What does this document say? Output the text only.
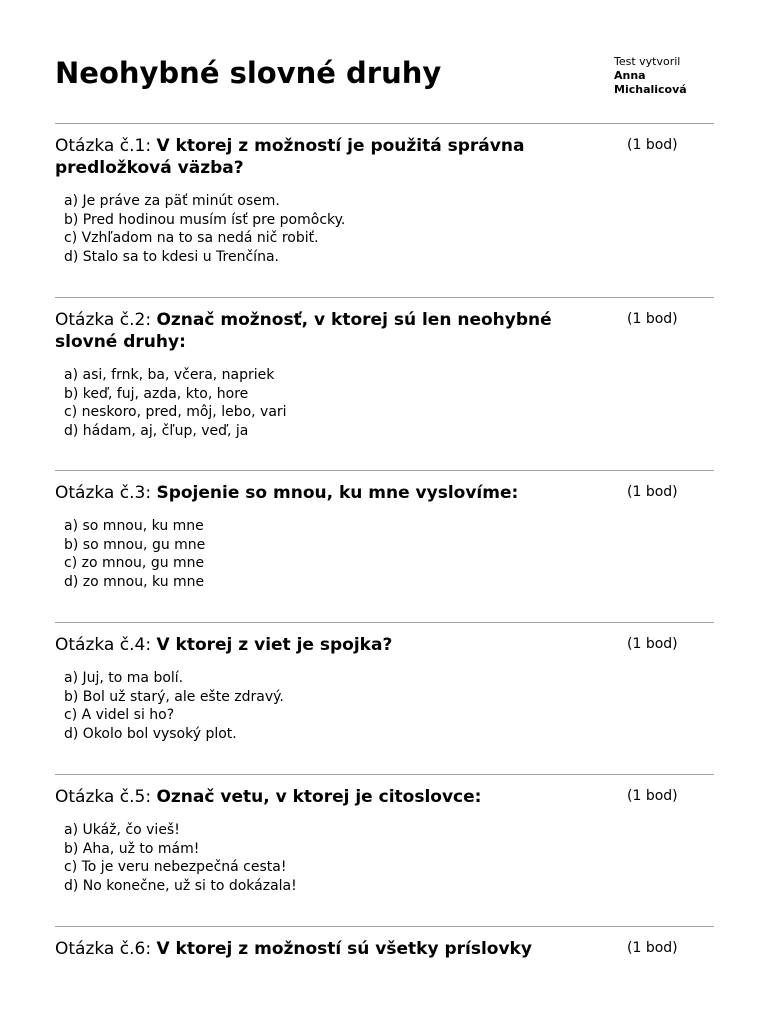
Neohybné slovné druhy	Test vytvoril
Anna
Michalicová
Otázka č.1: V ktorej z možností je použitá správna predložková väzba?
(1 bod)
a) Je práve za päť minút osem.
b) Pred hodinou musím ísť pre pomôcky.
c) Vzhľadom na to sa nedá nič robiť.
d) Stalo sa to kdesi u Trenčína.
Otázka č.2: Označ možnosť, v ktorej sú len neohybné slovné druhy:
(1 bod)
a) asi, frnk, ba, včera, napriek
b) keď, fuj, azda, kto, hore
c) neskoro, pred, môj, lebo, vari
d) hádam, aj, čľup, veď, ja
Otázka č.3: Spojenie so mnou, ku mne vyslovíme:	(1 bod)
a) so mnou, ku mne
b) so mnou, gu mne
c) zo mnou, gu mne
d) zo mnou, ku mne
Otázka č.4: V ktorej z viet je spojka?	(1 bod)
a) Juj, to ma bolí.
b) Bol už starý, ale ešte zdravý.
c) A videl si ho?
d) Okolo bol vysoký plot.
Otázka č.5: Označ vetu, v ktorej je citoslovce:	(1 bod)
a) Ukáž, čo vieš!
b) Aha, už to mám!
c) To je veru nebezpečná cesta!
d) No konečne, už si to dokázala!
Otázka č.6: V ktorej z možností sú všetky príslovky	(1 bod)
